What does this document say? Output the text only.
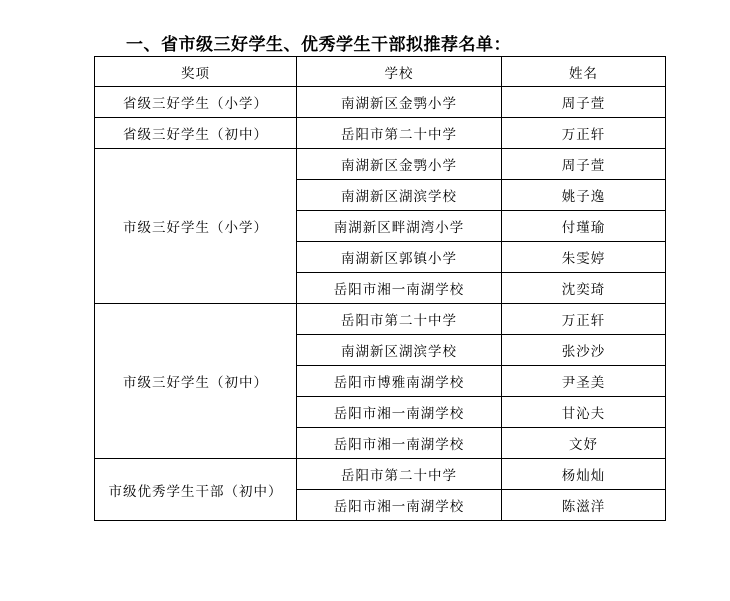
一、省市级三好学生、优秀学生干部拟推荐名单：
奖项	学校	姓名
省级三好学生（小学）	南湖新区金鹗小学	周子萱
省级三好学生（初中）	岳阳市第二十中学	万正轩
市级三好学生（小学）	南湖新区金鹗小学	周子萱
	南湖新区湖滨学校	姚子逸
	南湖新区畔湖湾小学	付瑾瑜
	南湖新区郭镇小学	朱雯婷
	岳阳市湘一南湖学校	沈奕琦
市级三好学生（初中）	岳阳市第二十中学	万正轩
	南湖新区湖滨学校	张沙沙
	岳阳市博雅南湖学校	尹圣美
	岳阳市湘一南湖学校	甘沁夫
	岳阳市湘一南湖学校	文妤
市级优秀学生干部（初中）	岳阳市第二十中学	杨灿灿
	岳阳市湘一南湖学校	陈滋洋
